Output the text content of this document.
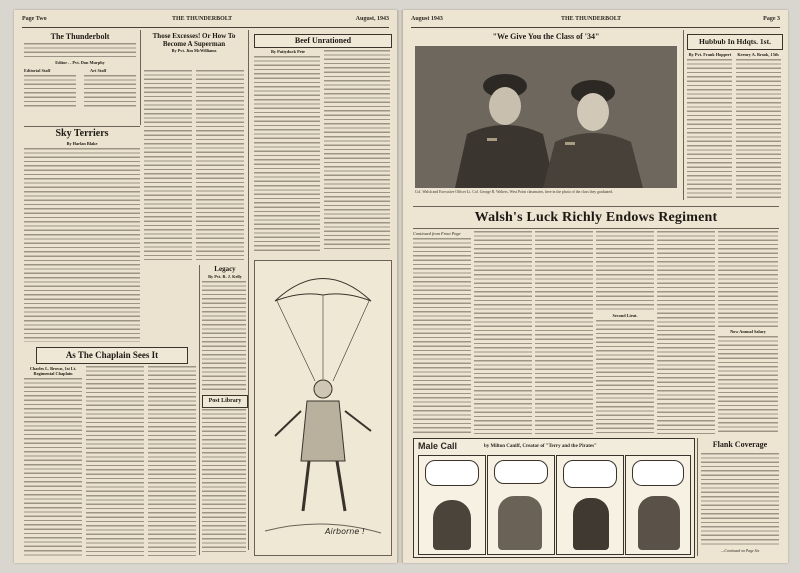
Page Two	THE THUNDERBOLT	August, 1943
The Thunderbolt
Editor . . Pvt. Don Murphy
Editorial Staff	Art Staff
Those Excesses! Or How To Become A Superman
By Pvt. Jim McWilliams
Beef Unrationed
By Pattyduck Pete
Sky Terriers
By Harlan Blake
As The Chaplain Sees It
Charles L. Brown, 1st Lt. Regimental Chaplain
Legacy
By Pvt. R. J. Kelly
Post Library
Airborne !
August 1943	THE THUNDERBOLT	Page 3
"We Give You the Class of '34"
Col. Walsh and Executive Officer Lt. Col. George R. Walters, West Point classmates, here in the photo of the class they graduated.
Hubbub In Hdqts. 1st.
By Pvt. Frank Hoppert	Keenry A. Brook, 15th
Walsh's Luck Richly Endows Regiment
Continued from Front Page
Second Lieut.
Now Annual Salary
Male Call	by Milton Caniff, Creator of "Terry and the Pirates"	Flank Coverage
—Continued on Page Six
